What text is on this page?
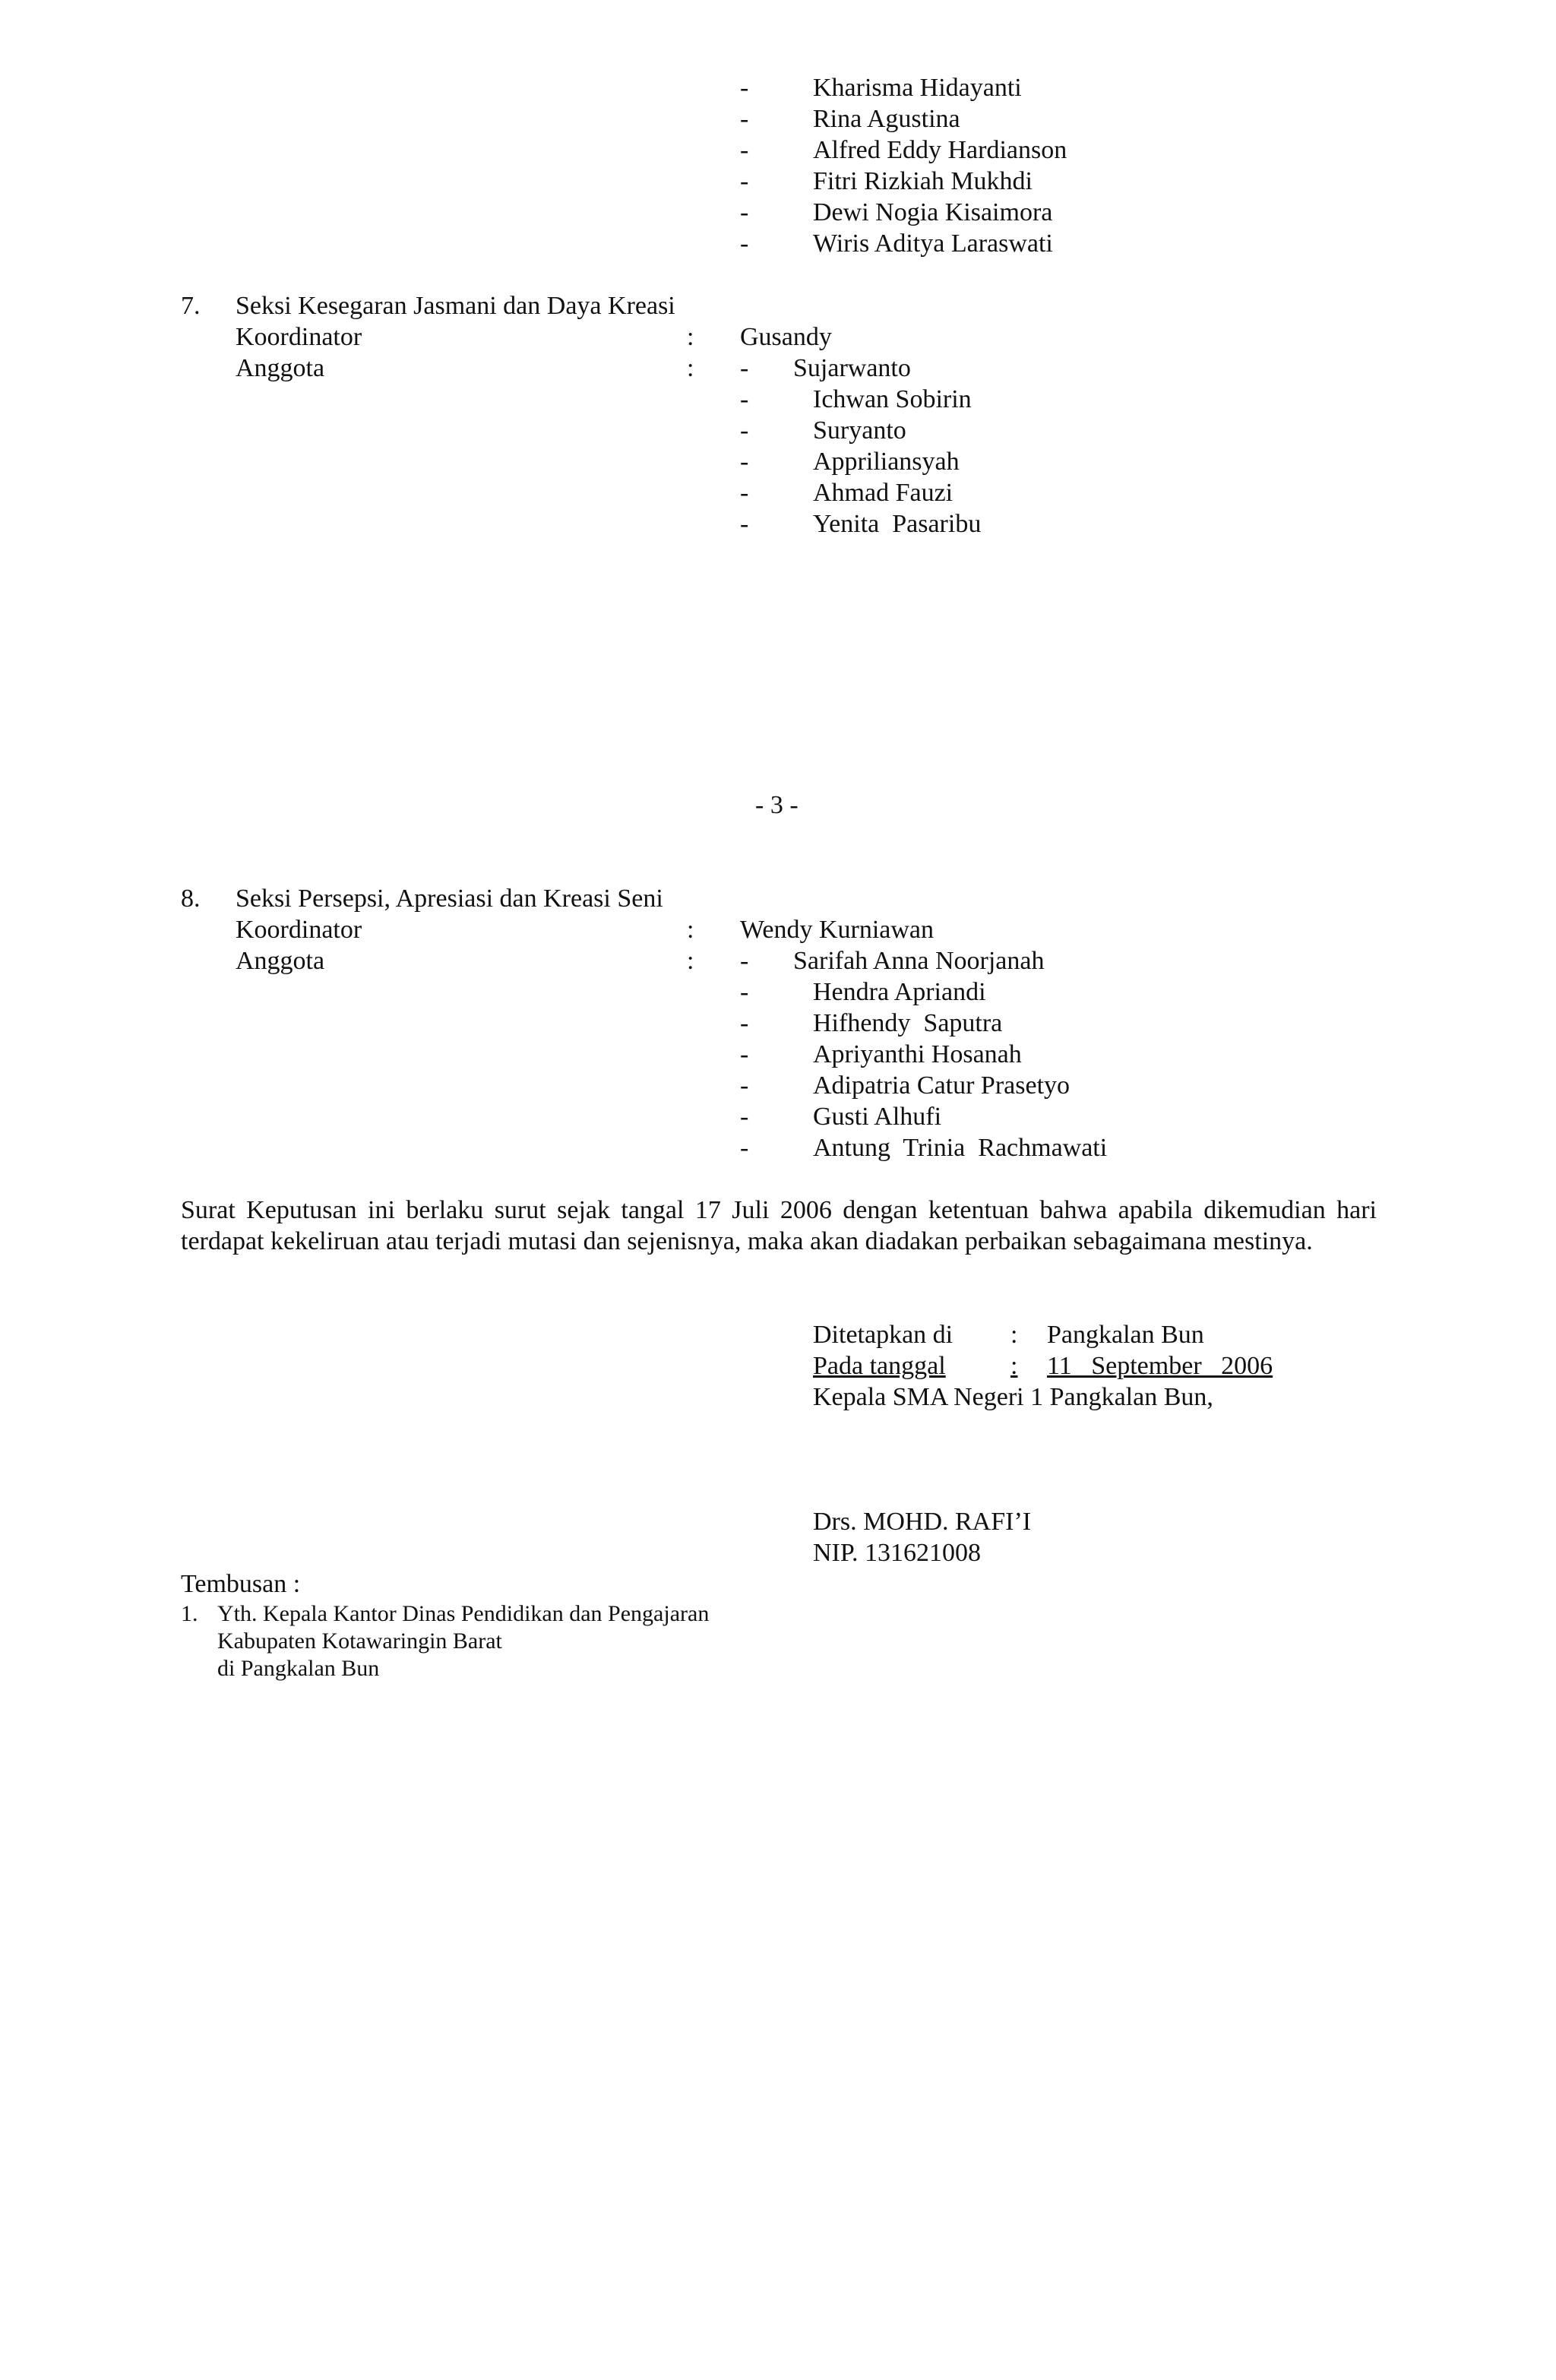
- Kharisma Hidayanti
- Rina Agustina
- Alfred Eddy Hardianson
- Fitri Rizkiah Mukhdi
- Dewi Nogia Kisaimora
- Wiris Aditya Laraswati
7. Seksi Kesegaran Jasmani dan Daya Kreasi
Koordinator	: Gusandy
Anggota	: - Sujarwanto
- Ichwan Sobirin
- Suryanto
- Appriliansyah
- Ahmad Fauzi
- Yenita  Pasaribu
- 3 -
8. Seksi Persepsi, Apresiasi dan Kreasi Seni
Koordinator	: Wendy Kurniawan
Anggota	: - Sarifah Anna Noorjanah
- Hendra Apriandi
- Hifhendy  Saputra
- Apriyanthi Hosanah
- Adipatria Catur Prasetyo
- Gusti Alhufi
- Antung  Trinia  Rachmawati
Surat Keputusan ini berlaku surut sejak tangal 17 Juli 2006 dengan ketentuan bahwa apabila dikemudian hari terdapat kekeliruan atau terjadi mutasi dan sejenisnya, maka akan diadakan perbaikan sebagaimana mestinya.
Ditetapkan di : Pangkalan Bun
Pada tanggal	:	11   September   2006
Kepala SMA Negeri 1 Pangkalan Bun,
Drs. MOHD. RAFI’I
NIP. 131621008
Tembusan :
1. Yth. Kepala Kantor Dinas Pendidikan dan Pengajaran
Kabupaten Kotawaringin Barat
di Pangkalan Bun
